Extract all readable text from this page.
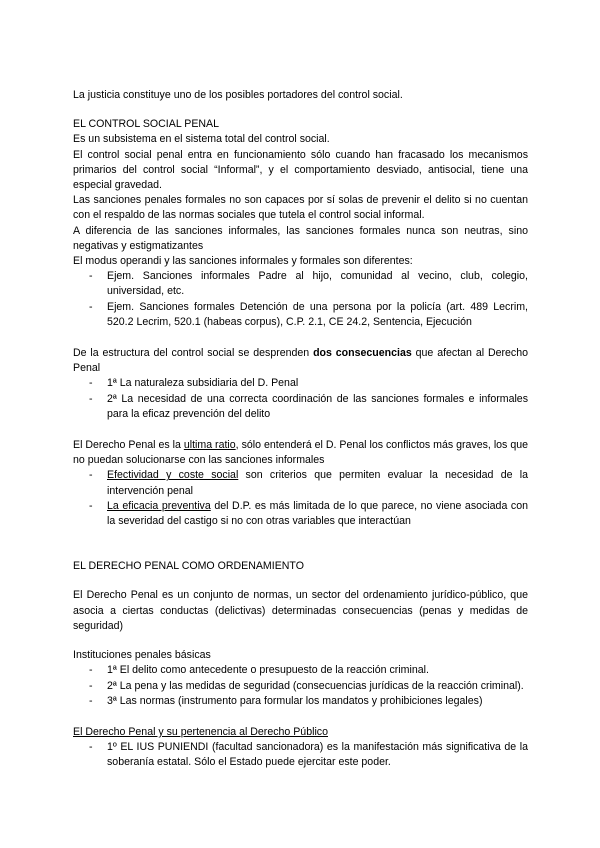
La justicia constituye uno de los posibles portadores del control social.

EL CONTROL SOCIAL PENAL

Es un subsistema en el sistema total del control social.

El control social penal entra en funcionamiento sólo cuando han fracasado los mecanismos primarios del control social “Informal”, y el comportamiento desviado, antisocial, tiene una especial gravedad.

Las sanciones penales formales no son capaces por sí solas de prevenir el delito si no cuentan con el respaldo de las normas sociales que tutela el control social informal.

A diferencia de las sanciones informales, las sanciones formales nunca son neutras, sino negativas y estigmatizantes

El modus operandi y las sanciones informales y formales son diferentes:

- Ejem. Sanciones informales Padre al hijo, comunidad al vecino, club, colegio, universidad, etc.
- Ejem. Sanciones formales Detención de una persona por la policía (art. 489 Lecrim, 520.2 Lecrim, 520.1 (habeas corpus), C.P. 2.1, CE 24.2, Sentencia, Ejecución

De la estructura del control social se desprenden dos consecuencias que afectan al Derecho Penal

- 1ª La naturaleza subsidiaria del D. Penal
- 2ª La necesidad de una correcta coordinación de las sanciones formales e informales para la eficaz prevención del delito

El Derecho Penal es la ultima ratio, sólo entenderá el D. Penal los conflictos más graves, los que no puedan solucionarse con las sanciones informales

- Efectividad y coste social son criterios que permiten evaluar la necesidad de la intervención penal
- La eficacia preventiva del D.P. es más limitada de lo que parece, no viene asociada con la severidad del castigo si no con otras variables que interactúan

EL DERECHO PENAL COMO ORDENAMIENTO

El Derecho Penal es un conjunto de normas, un sector del ordenamiento jurídico-público, que asocia a ciertas conductas (delictivas) determinadas consecuencias (penas y medidas de seguridad)

Instituciones penales básicas

- 1ª El delito como antecedente o presupuesto de la reacción criminal.
- 2ª La pena y las medidas de seguridad (consecuencias jurídicas de la reacción criminal).
- 3ª Las normas (instrumento para formular los mandatos y prohibiciones legales)

El Derecho Penal y su pertenencia al Derecho Público

- 1º EL IUS PUNIENDI (facultad sancionadora) es la manifestación más significativa de la soberanía estatal. Sólo el Estado puede ejercitar este poder.
